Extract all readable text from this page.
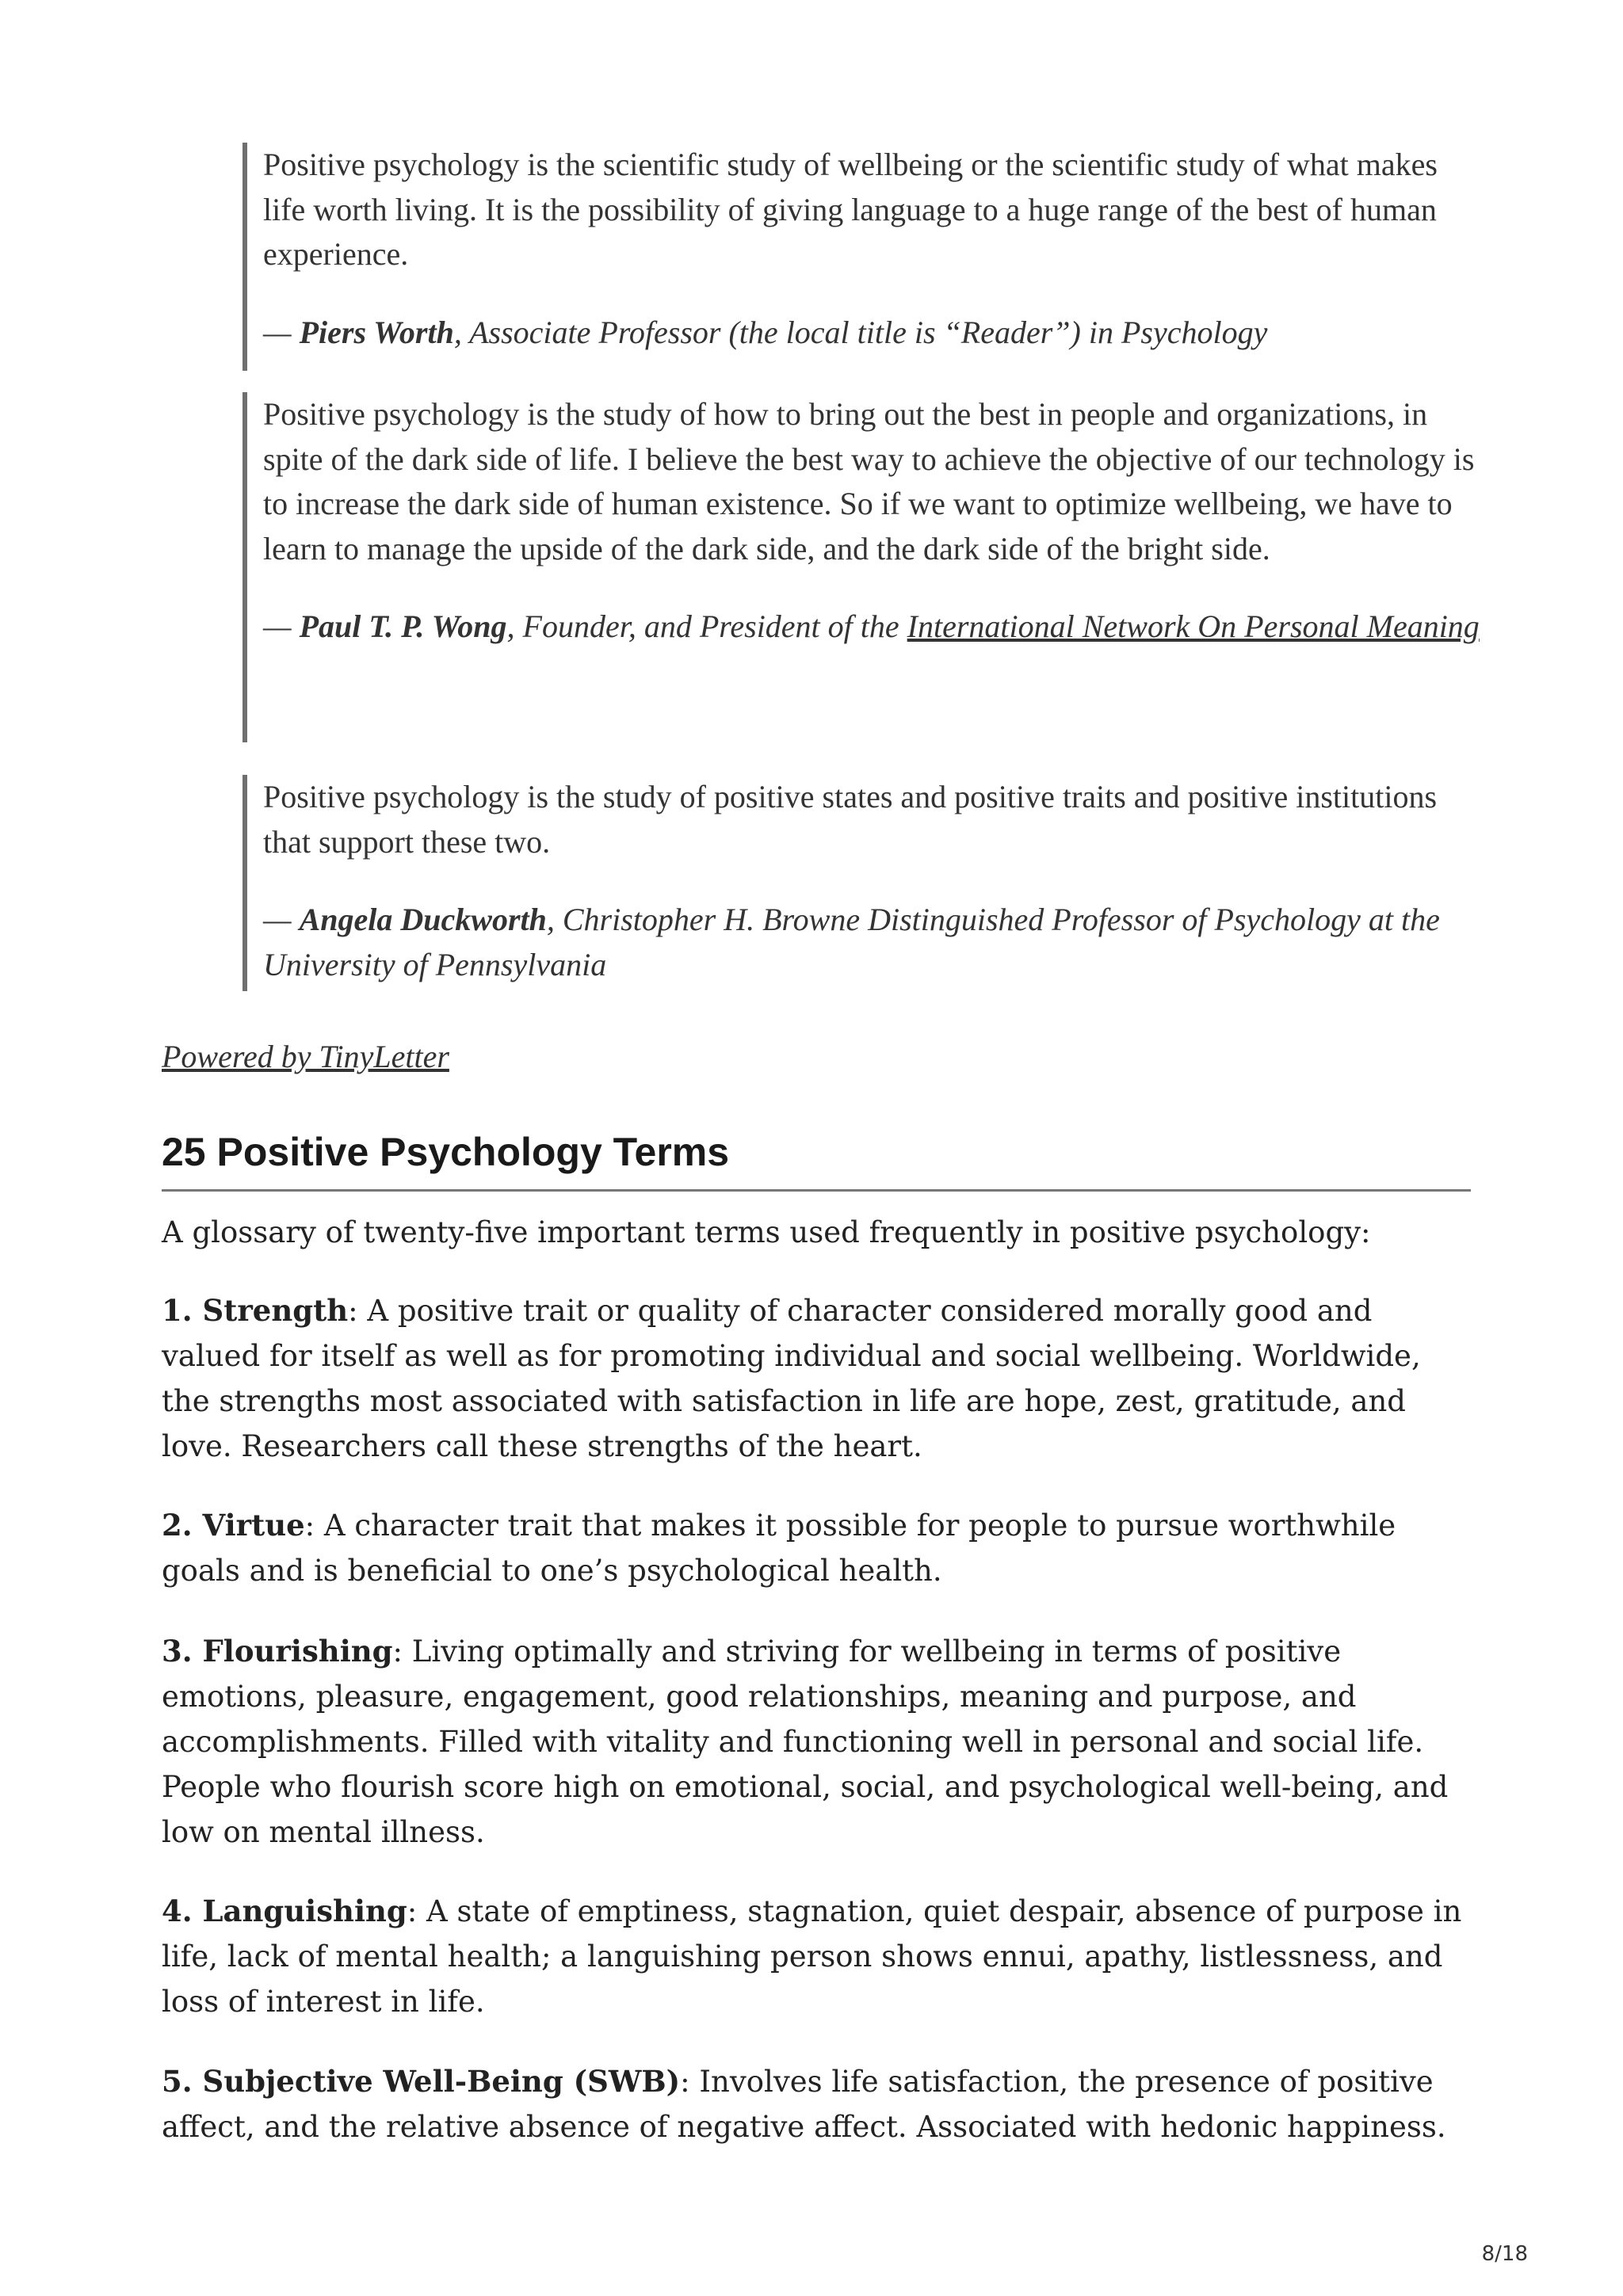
Positive psychology is the scientific study of wellbeing or the scientific study of what makes life worth living. It is the possibility of giving language to a huge range of the best of human experience.

— Piers Worth, Associate Professor (the local title is “Reader”) in Psychology

Positive psychology is the study of how to bring out the best in people and organizations, in spite of the dark side of life. I believe the best way to achieve the objective of our technology is to increase the dark side of human existence. So if we want to optimize wellbeing, we have to learn to manage the upside of the dark side, and the dark side of the bright side.

— Paul T. P. Wong, Founder, and President of the International Network On Personal Meaning

Positive psychology is the study of positive states and positive traits and positive institutions that support these two.

— Angela Duckworth, Christopher H. Browne Distinguished Professor of Psychology at the University of Pennsylvania

Powered by TinyLetter
25 Positive Psychology Terms

A glossary of twenty-five important terms used frequently in positive psychology:

1. Strength: A positive trait or quality of character considered morally good and valued for itself as well as for promoting individual and social wellbeing. Worldwide, the strengths most associated with satisfaction in life are hope, zest, gratitude, and love. Researchers call these strengths of the heart.

2. Virtue: A character trait that makes it possible for people to pursue worthwhile goals and is beneficial to one’s psychological health.

3. Flourishing: Living optimally and striving for wellbeing in terms of positive emotions, pleasure, engagement, good relationships, meaning and purpose, and accomplishments. Filled with vitality and functioning well in personal and social life. People who flourish score high on emotional, social, and psychological well-being, and low on mental illness.

4. Languishing: A state of emptiness, stagnation, quiet despair, absence of purpose in life, lack of mental health; a languishing person shows ennui, apathy, listlessness, and loss of interest in life.

5. Subjective Well-Being (SWB): Involves life satisfaction, the presence of positive affect, and the relative absence of negative affect. Associated with hedonic happiness.

8/18
